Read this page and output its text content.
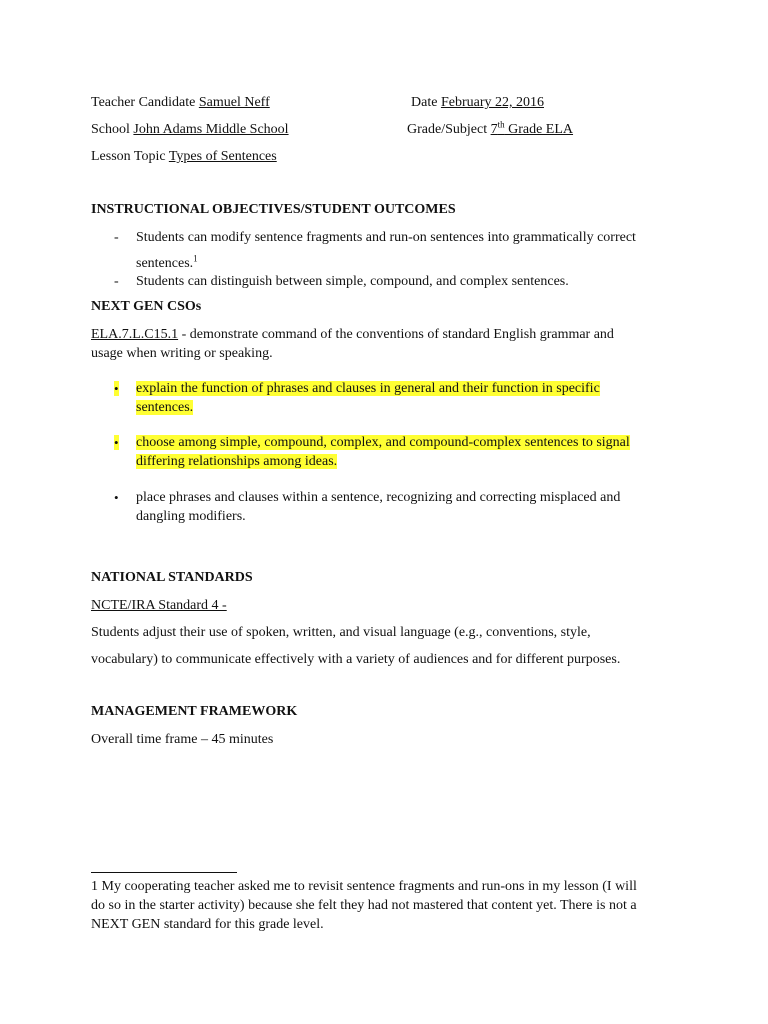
Teacher Candidate Samuel Neff	Date February 22, 2016
School John Adams Middle School	Grade/Subject 7th Grade ELA
Lesson Topic Types of Sentences
INSTRUCTIONAL OBJECTIVES/STUDENT OUTCOMES
- Students can modify sentence fragments and run-on sentences into grammatically correct
sentences.$^1$
- Students can distinguish between simple, compound, and complex sentences.
NEXT GEN CSOs
ELA.7.L.C15.1 - demonstrate command of the conventions of standard English grammar and
usage when writing or speaking.
• explain the function of phrases and clauses in general and their function in specific
sentences.
• choose among simple, compound, complex, and compound-complex sentences to signal
differing relationships among ideas.
• place phrases and clauses within a sentence, recognizing and correcting misplaced and
dangling modifiers.
NATIONAL STANDARDS
NCTE/IRA Standard 4 -
Students adjust their use of spoken, written, and visual language (e.g., conventions, style,
vocabulary) to communicate effectively with a variety of audiences and for different purposes.
MANAGEMENT FRAMEWORK
Overall time frame – 45 minutes
1 My cooperating teacher asked me to revisit sentence fragments and run-ons in my lesson (I will
do so in the starter activity) because she felt they had not mastered that content yet. There is not a
NEXT GEN standard for this grade level.
